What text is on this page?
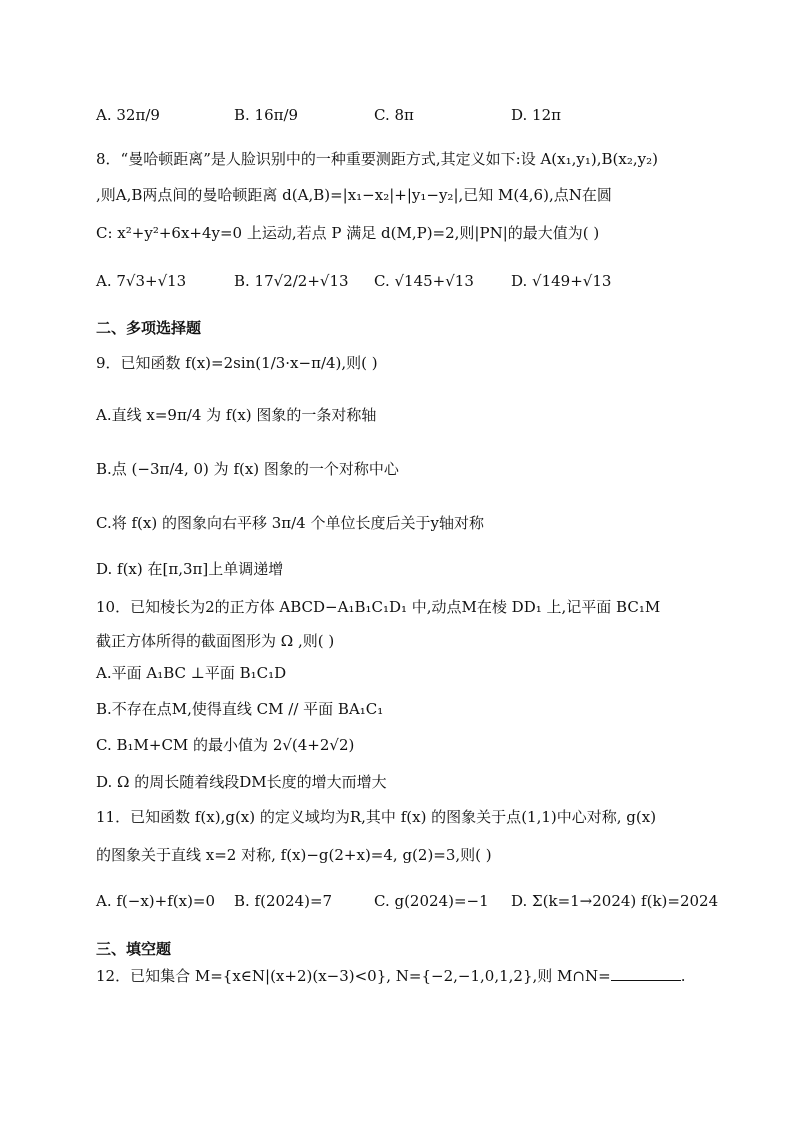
A. 32π/9	B. 16π/9	C. 8π	D. 12π
8．“曼哈顿距离”是人脸识别中的一种重要测距方式,其定义如下:设 A(x₁,y₁),B(x₂,y₂)
,则A,B两点间的曼哈顿距离 d(A,B)=|x₁−x₂|+|y₁−y₂|,已知 M(4,6),点N在圆
C: x²+y²+6x+4y=0 上运动,若点 P 满足 d(M,P)=2,则|PN|的最大值为( )
A. 7√3+√13	B. 17√2/2+√13 C. √145+√13 D. √149+√13
二、多项选择题
9．已知函数 f(x)=2sin(1/3·x−π/4),则( )
A.直线 x=9π/4 为 f(x) 图象的一条对称轴
B.点 (−3π/4, 0) 为 f(x) 图象的一个对称中心
C.将 f(x) 的图象向右平移 3π/4 个单位长度后关于y轴对称
D. f(x) 在[π,3π]上单调递增
10．已知棱长为2的正方体 ABCD−A₁B₁C₁D₁ 中,动点M在棱 DD₁ 上,记平面 BC₁M
截正方体所得的截面图形为 Ω ,则( )
A.平面 A₁BC ⊥平面 B₁C₁D
B.不存在点M,使得直线 CM // 平面 BA₁C₁
C. B₁M+CM 的最小值为 2√(4+2√2)
D. Ω 的周长随着线段DM长度的增大而增大
11．已知函数 f(x),g(x) 的定义域均为R,其中 f(x) 的图象关于点(1,1)中心对称, g(x)
的图象关于直线 x=2 对称, f(x)−g(2+x)=4, g(2)=3,则( )
A. f(−x)+f(x)=0 B. f(2024)=7	C. g(2024)=−1 D. Σ(k=1→2024) f(k)=2024
三、填空题
12．已知集合 M={x∈N|(x+2)(x−3)<0}, N={−2,−1,0,1,2},则 M∩N=	.
